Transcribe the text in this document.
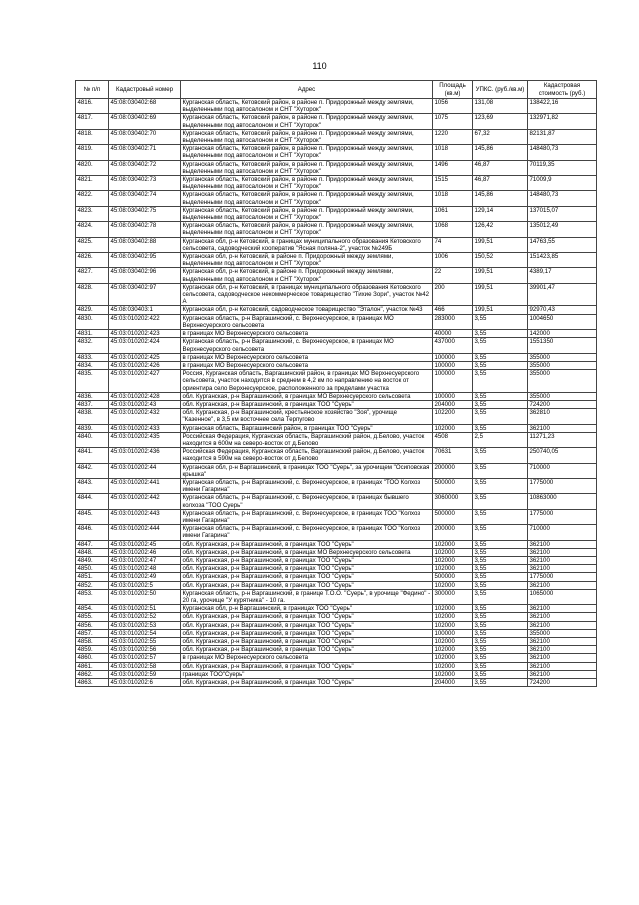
110
№ п/п	Кадастровый номер	Адрес	Площадь (кв.м)	УПКС. (руб./кв.м)	Кадастровая стоимость (руб.)
4816.	45:08:030402:68	Курганская область, Кетовский район, в районе п. Придорожный между землями, выделенными под автосалоном и СНТ "Хуторок"	1056	131,08	138422,16
4817.	45:08:030402:69	Курганская область, Кетовский район, в районе п. Придорожный между землями, выделенными под автосалоном и СНТ "Хуторок"	1075	123,69	132971,82
4818.	45:08:030402:70	Курганская область, Кетовский район, в районе п. Придорожный между землями, выделенными под автосалоном и СНТ "Хуторок"	1220	67,32	82131,87
4819.	45:08:030402:71	Курганская область, Кетовский район, в районе п. Придорожный между землями, выделенными под автосалоном и СНТ "Хуторок"	1018	145,86	148480,73
4820.	45:08:030402:72	Курганская область, Кетовский район, в районе п. Придорожный между землями, выделенными под автосалоном и СНТ "Хуторок"	1496	46,87	70119,35
4821.	45:08:030402:73	Курганская область, Кетовский район, в районе п. Придорожный между землями, выделенными под автосалоном и СНТ "Хуторок"	1515	46,87	71009,9
4822.	45:08:030402:74	Курганская область, Кетовский район, в районе п. Придорожный между землями, выделенными под автосалоном и СНТ "Хуторок"	1018	145,86	148480,73
4823.	45:08:030402:75	Курганская область, Кетовский район, в районе п. Придорожный между землями, выделенными под автосалоном и СНТ "Хуторок"	1061	129,14	137015,07
4824.	45:08:030402:78	Курганская область, Кетовский район, в районе п. Придорожный между землями, выделенными под автосалоном и СНТ "Хуторок"	1068	126,42	135012,49
4825.	45:08:030402:88	Курганская обл, р-н Кетовский, в границах муниципального образования Кетовского сельсовета, садоводческий кооператив "Ясная поляна-2", участок №249Б	74	199,51	14763,55
4826.	45:08:030402:95	Курганская обл, р-н Кетовский, в районе п. Придорожный между землями, выделенными под автосалоном и СНТ "Хуторок"	1006	150,52	151423,85
4827.	45:08:030402:96	Курганская обл, р-н Кетовский, в районе п. Придорожный между землями, выделенными под автосалоном и СНТ "Хуторок"	22	199,51	4389,17
4828.	45:08:030402:97	Курганская обл, р-н Кетовский, в границах муниципального образования Кетовского сельсовета, садоводческое некоммерческое товарищество "Тихие Зори", участок №42 А	200	199,51	39901,47
4829.	45:08:030403:1	Курганская обл, р-н Кетовский, садоводческое товарищество "Эталон", участок №43	466	199,51	92970,43
4830.	45:03:010202:422	Курганская область, р-н Варгашинский, с. Верхнесуерское, в границах МО Верхнесуерского сельсовета	283000	3,55	1004650
4831.	45:03:010202:423	в границах МО Верхнесуерского сельсовета	40000	3,55	142000
4832.	45:03:010202:424	Курганская область, р-н Варгашинский, с. Верхнесуерское, в границах МО Верхнесуерского сельсовета	437000	3,55	1551350
4833.	45:03:010202:425	в границах МО Верхнесуерского сельсовета	100000	3,55	355000
4834.	45:03:010202:426	в границах МО Верхнесуерского сельсовета	100000	3,55	355000
4835.	45:03:010202:427	Россия, Курганская область, Варгашинский район, в границах МО Верхнесуерского сельсовета, участок находится в среднем в 4,2 км по направлению на восток от ориентира село Верхнесуерское, расположенного за пределами участка	100000	3,55	355000
4836.	45:03:010202:428	обл. Курганская, р-н Варгашинский, в границах МО Верхнесуерского сельсовета	100000	3,55	355000
4837.	45:03:010202:43	обл. Курганская, р-н Варгашинский, в границах ТОО "Суерь"	204000	3,55	724200
4838.	45:03:010202:432	обл. Курганская, р-н Варгашинский, крестьянское хозяйство "Зоя", урочище "Казенное", в 3,5 км восточнее села Терпугово	102200	3,55	362810
4839.	45:03:010202:433	Курганская область, Варгашинский район, в границах ТОО "Суерь"	102000	3,55	362100
4840.	45:03:010202:435	Российская Федерация, Курганская область, Варгашинский район, д.Белово, участок находится в 600м на северо-восток от д.Белово	4508	2,5	11271,23
4841.	45:03:010202:436	Российская Федерация, Курганская область, Варгашинский район, д.Белово, участок находится в 590м на северо-восток от д.Белово	70631	3,55	250740,05
4842.	45:03:010202:44	Курганская обл, р-н Варгашинский, в границах ТОО "Суерь", за урочищем "Осиповская крышка"	200000	3,55	710000
4843.	45:03:010202:441	Курганская область, р-н Варгашинский, с. Верхнесуерское, в границах "ТОО Колхоз имени Гагарина"	500000	3,55	1775000
4844.	45:03:010202:442	Курганская область, р-н Варгашинский, с. Верхнесуерское, в границах бывшего колхоза "ТОО Суерь"	3060000	3,55	10863000
4845.	45:03:010202:443	Курганская область, р-н Варгашинский, с. Верхнесуерское, в границах ТОО "Колхоз имени Гагарина"	500000	3,55	1775000
4846.	45:03:010202:444	Курганская область, р-н Варгашинский, с. Верхнесуерское, в границах ТОО "Колхоз имени Гагарина"	200000	3,55	710000
4847.	45:03:010202:45	обл. Курганская, р-н Варгашинский, в границах ТОО "Суерь"	102000	3,55	362100
4848.	45:03:010202:46	обл. Курганская, р-н Варгашинский, в границах МО Верхнесуерского сельсовета	102000	3,55	362100
4849.	45:03:010202:47	обл. Курганская, р-н Варгашинский, в границах ТОО "Суерь"	102000	3,55	362100
4850.	45:03:010202:48	обл. Курганская, р-н Варгашинский, в границах ТОО "Суерь"	102000	3,55	362100
4851.	45:03:010202:49	обл. Курганская, р-н Варгашинский, в границах ТОО "Суерь"	500000	3,55	1775000
4852.	45:03:010202:5	обл. Курганская, р-н Варгашинский, в границах ТОО "Суерь"	102000	3,55	362100
4853.	45:03:010202:50	Курганская область, р-н Варгашинский, в границе Т.О.О. "Суерь", в урочище "Федино" - 20 га, урочище "У курятника" - 10 га.	300000	3,55	1065000
4854.	45:03:010202:51	Курганская обл, р-н Варгашинский, в границах ТОО "Суерь"	102000	3,55	362100
4855.	45:03:010202:52	обл. Курганская, р-н Варгашинский, в границах ТОО "Суерь"	102000	3,55	362100
4856.	45:03:010202:53	обл. Курганская, р-н Варгашинский, в границах ТОО "Суерь"	102000	3,55	362100
4857.	45:03:010202:54	обл. Курганская, р-н Варгашинский, в границах ТОО "Суерь"	100000	3,55	355000
4858.	45:03:010202:55	обл. Курганская, р-н Варгашинский, в границах ТОО "Суерь"	102000	3,55	362100
4859.	45:03:010202:56	обл. Курганская, р-н Варгашинский, в границах ТОО "Суерь"	102000	3,55	362100
4860.	45:03:010202:57	в границах МО Верхнесуерского сельсовета	102000	3,55	362100
4861.	45:03:010202:58	обл. Курганская, р-н Варгашинский, в границах ТОО "Суерь"	102000	3,55	362100
4862.	45:03:010202:59	границах ТОО"Суерь"	102000	3,55	362100
4863.	45:03:010202:6	обл. Курганская, р-н Варгашинский, в границах ТОО "Суерь"	204000	3,55	724200
